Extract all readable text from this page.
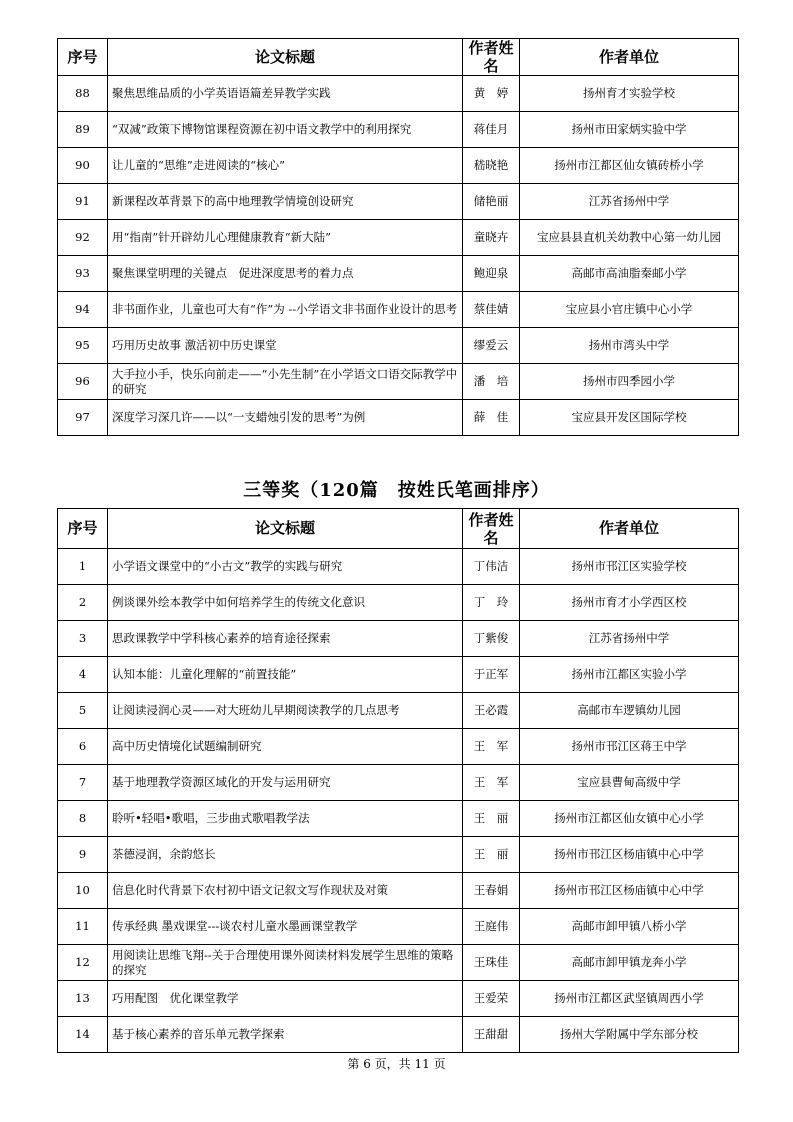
序号	论文标题	作者姓名	作者单位
88	聚焦思维品质的小学英语语篇差异教学实践	黄　婷	扬州育才实验学校
89	“双减”政策下博物馆课程资源在初中语文教学中的利用探究	蒋佳月	扬州市田家炳实验中学
90	让儿童的“思维”走进阅读的“核心”	嵇晓艳	扬州市江都区仙女镇砖桥小学
91	新课程改革背景下的高中地理教学情境创设研究	储艳丽	江苏省扬州中学
92	用“指南”针开辟幼儿心理健康教育“新大陆”	童晓卉	宝应县县直机关幼教中心第一幼儿园
93	聚焦课堂明理的关键点　促进深度思考的着力点	鲍迎泉	高邮市高油脂秦邮小学
94	非书面作业，儿童也可大有“作”为 --小学语文非书面作业设计的思考	蔡佳婧	宝应县小官庄镇中心小学
95	巧用历史故事 激活初中历史课堂	缪爱云	扬州市湾头中学
96	大手拉小手，快乐向前走——“小先生制”在小学语文口语交际教学中的研究	潘　培	扬州市四季园小学
97	深度学习深几许——以“一支蜡烛引发的思考”为例	薛　佳	宝应县开发区国际学校
三等奖（120篇　按姓氏笔画排序）
序号	论文标题	作者姓名	作者单位
1	小学语文课堂中的“小古文”教学的实践与研究	丁伟洁	扬州市邗江区实验学校
2	例谈课外绘本教学中如何培养学生的传统文化意识	丁　玲	扬州市育才小学西区校
3	思政课教学中学科核心素养的培育途径探索	丁紫俊	江苏省扬州中学
4	认知本能：儿童化理解的“前置技能”	于正军	扬州市江都区实验小学
5	让阅读浸润心灵——对大班幼儿早期阅读教学的几点思考	王必霞	高邮市车逻镇幼儿园
6	高中历史情境化试题编制研究	王　军	扬州市邗江区蒋王中学
7	基于地理教学资源区域化的开发与运用研究	王　军	宝应县曹甸高级中学
8	聆听•轻唱•歌唱，三步曲式歌唱教学法	王　丽	扬州市江都区仙女镇中心小学
9	茶德浸润，余韵悠长	王　丽	扬州市邗江区杨庙镇中心中学
10	信息化时代背景下农村初中语文记叙文写作现状及对策	王春娟	扬州市邗江区杨庙镇中心中学
11	传承经典 墨戏课堂---谈农村儿童水墨画课堂教学	王庭伟	高邮市卸甲镇八桥小学
12	用阅读让思维飞翔--关于合理使用课外阅读材料发展学生思维的策略的探究	王珠佳	高邮市卸甲镇龙奔小学
13	巧用配图　优化课堂教学	王爱荣	扬州市江都区武坚镇周西小学
14	基于核心素养的音乐单元教学探索	王甜甜	扬州大学附属中学东部分校
第 6 页，共 11 页
